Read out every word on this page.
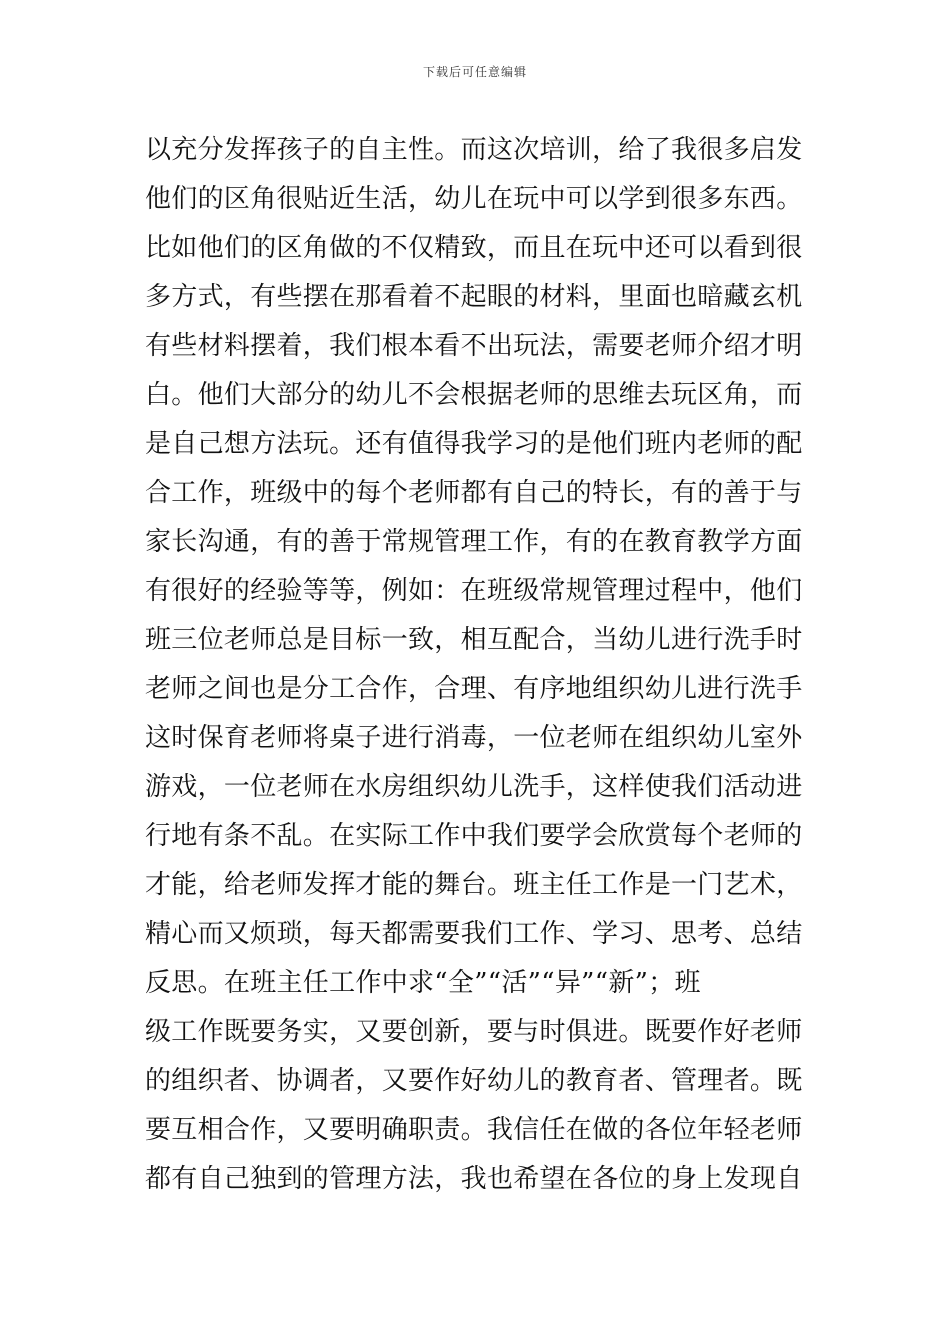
下载后可任意编辑
以充分发挥孩子的自主性。而这次培训，给了我很多启发
他们的区角很贴近生活，幼儿在玩中可以学到很多东西。
比如他们的区角做的不仅精致，而且在玩中还可以看到很
多方式，有些摆在那看着不起眼的材料，里面也暗藏玄机
有些材料摆着，我们根本看不出玩法，需要老师介绍才明
白。他们大部分的幼儿不会根据老师的思维去玩区角，而
是自己想方法玩。还有值得我学习的是他们班内老师的配
合工作，班级中的每个老师都有自己的特长，有的善于与
家长沟通，有的善于常规管理工作，有的在教育教学方面
有很好的经验等等，例如：在班级常规管理过程中，他们
班三位老师总是目标一致，相互配合，当幼儿进行洗手时
老师之间也是分工合作，合理、有序地组织幼儿进行洗手
这时保育老师将桌子进行消毒，一位老师在组织幼儿室外
游戏，一位老师在水房组织幼儿洗手，这样使我们活动进
行地有条不乱。在实际工作中我们要学会欣赏每个老师的
才能，给老师发挥才能的舞台。班主任工作是一门艺术，
精心而又烦琐，每天都需要我们工作、学习、思考、总结
反思。在班主任工作中求“全”“活”“异”“新”；班
级工作既要务实，又要创新，要与时俱进。既要作好老师
的组织者、协调者，又要作好幼儿的教育者、管理者。既
要互相合作，又要明确职责。我信任在做的各位年轻老师
都有自己独到的管理方法，我也希望在各位的身上发现自
